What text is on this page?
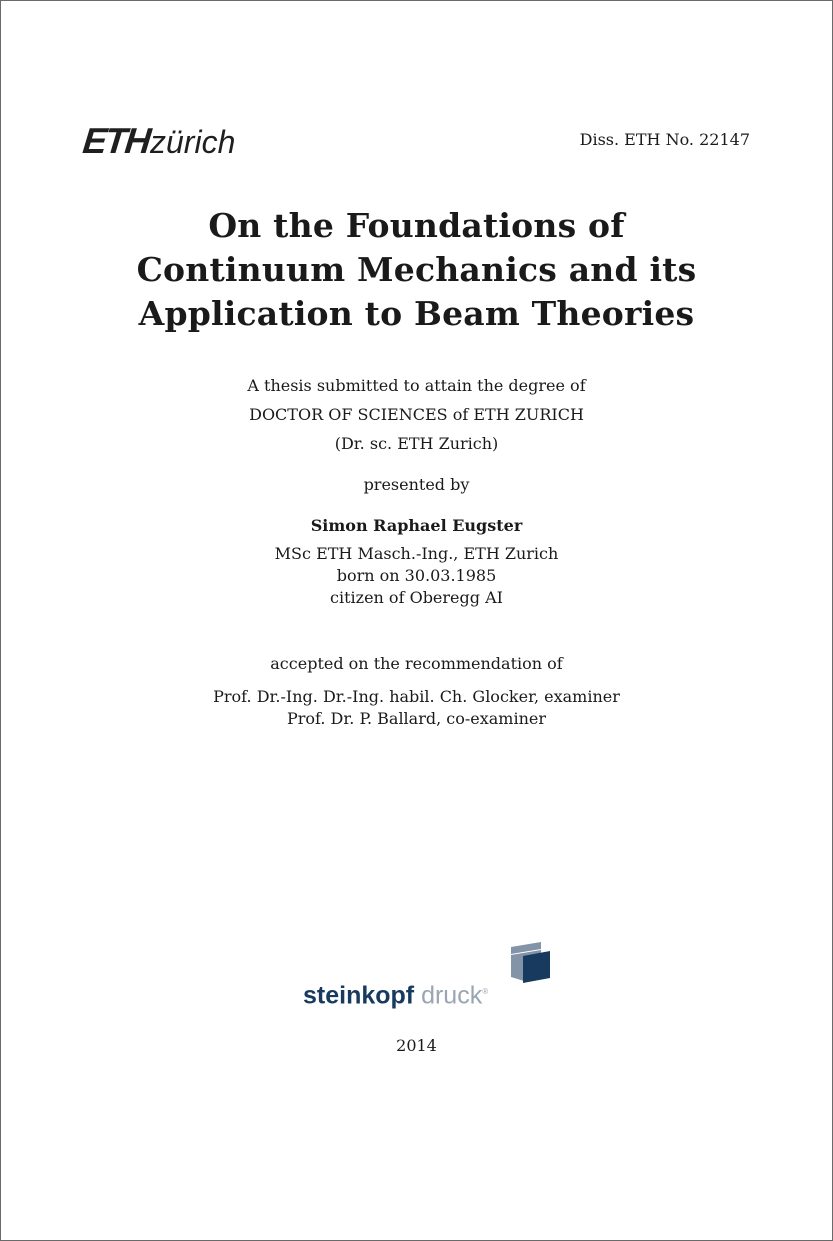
ETHzürich	Diss. ETH No. 22147
On the Foundations of
Continuum Mechanics and its
Application to Beam Theories
A thesis submitted to attain the degree of
DOCTOR OF SCIENCES of ETH ZURICH
(Dr. sc. ETH Zurich)
presented by
Simon Raphael Eugster
MSc ETH Masch.-Ing., ETH Zurich
born on 30.03.1985
citizen of Oberegg AI
accepted on the recommendation of
Prof. Dr.-Ing. Dr.-Ing. habil. Ch. Glocker, examiner
Prof. Dr. P. Ballard, co-examiner
steinkopf druck®
2014
